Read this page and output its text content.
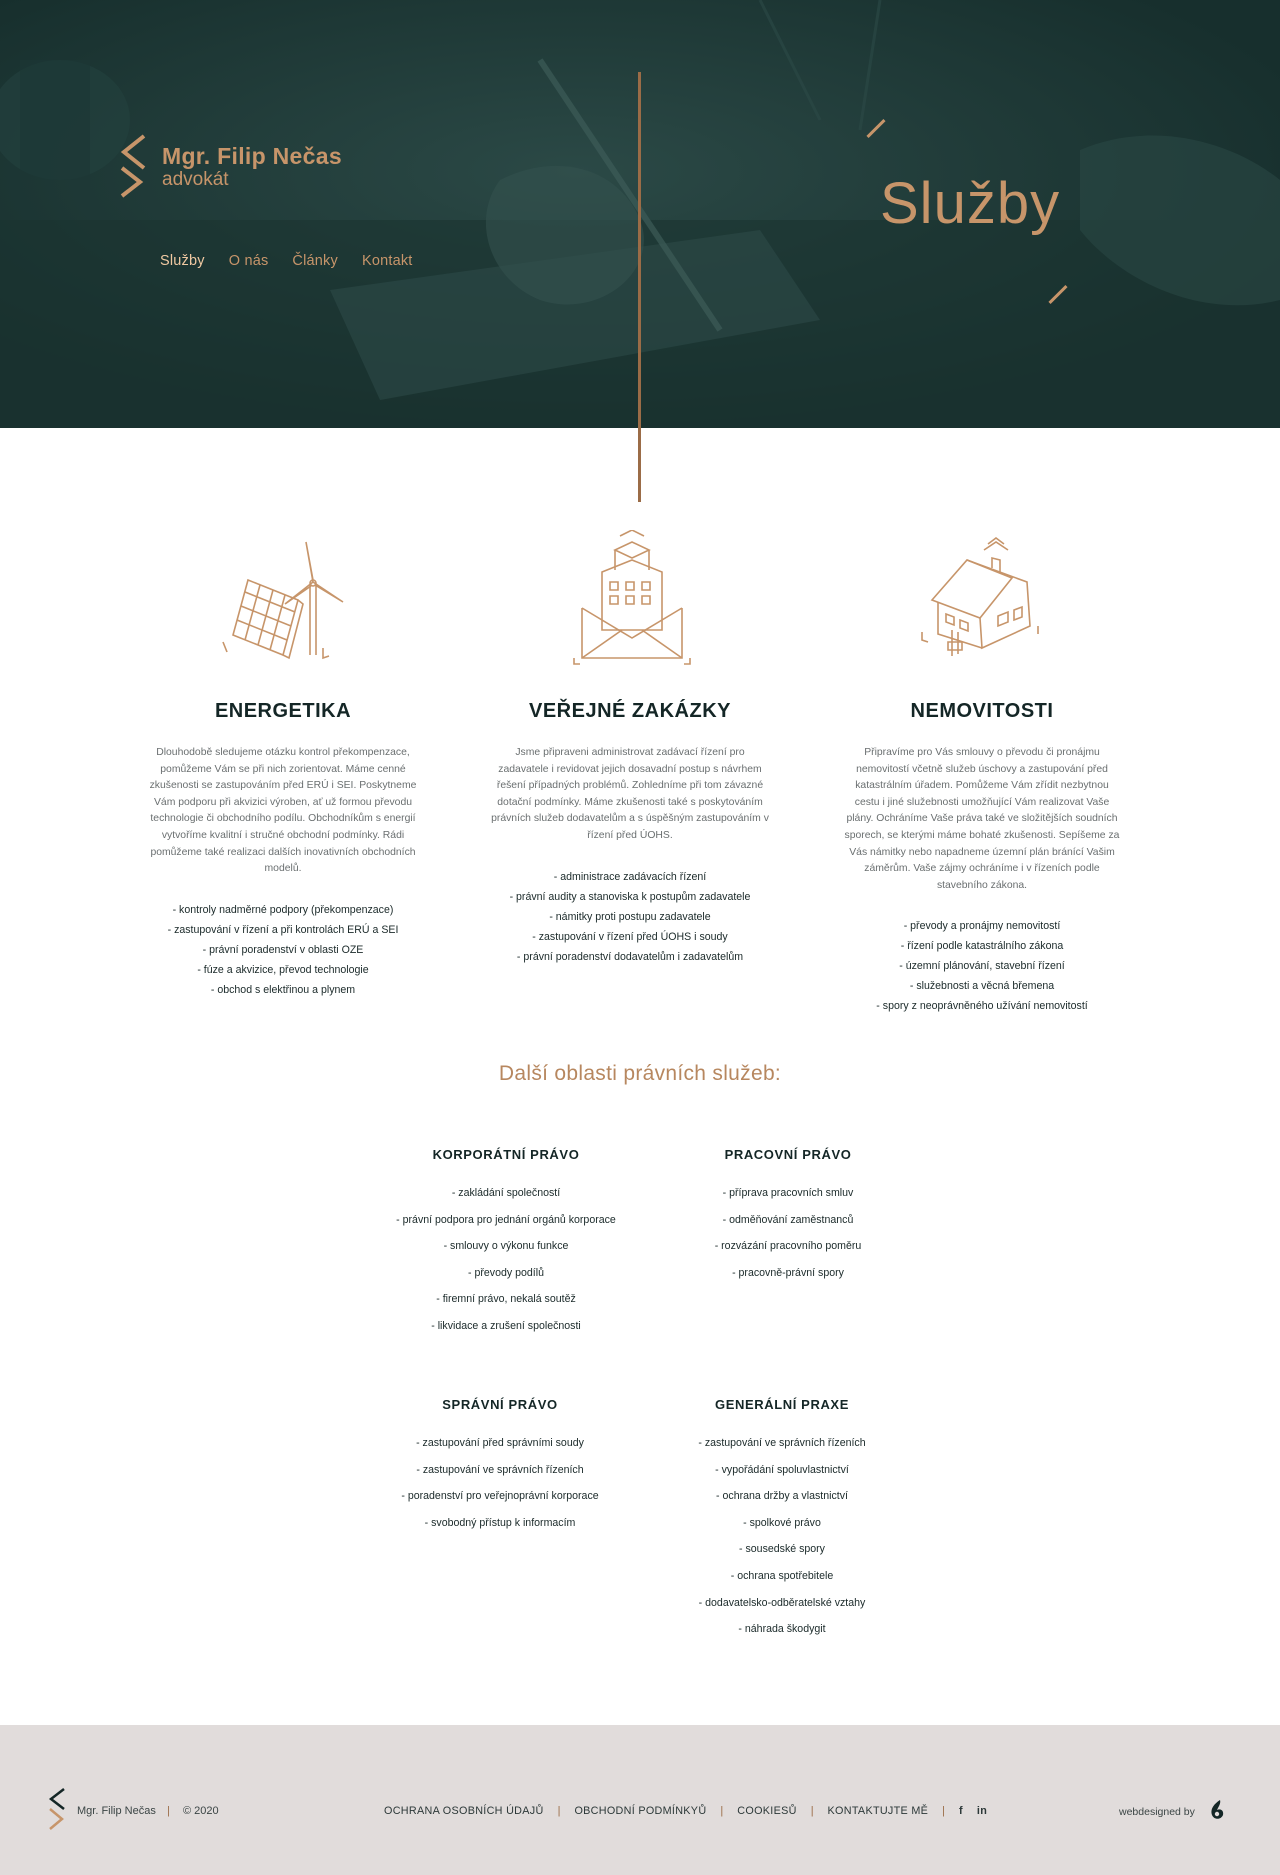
Mgr. Filip Nečas
advokát
Služby O nás Články Kontakt
Služby
ENERGETIKA

Dlouhodobě sledujeme otázku kontrol překompenzace, pomůžeme Vám se při nich zorientovat. Máme cenné zkušenosti se zastupováním před ERÚ i SEI. Poskytneme Vám podporu při akvizici výroben, ať už formou převodu technologie či obchodního podílu. Obchodníkům s energií vytvoříme kvalitní i stručné obchodní podmínky. Rádi pomůžeme také realizaci dalších inovativních obchodních modelů.

- kontroly nadměrné podpory (překompenzace)
- zastupování v řízení a při kontrolách ERÚ a SEI
- právní poradenství v oblasti OZE
- fúze a akvizice, převod technologie
- obchod s elektřinou a plynem
VEŘEJNÉ ZAKÁZKY

Jsme připraveni administrovat zadávací řízení pro zadavatele i revidovat jejich dosavadní postup s návrhem řešení případných problémů. Zohledníme při tom závazné dotační podmínky. Máme zkušenosti také s poskytováním právních služeb dodavatelům a s úspěšným zastupováním v řízení před ÚOHS.

- administrace zadávacích řízení
- právní audity a stanoviska k postupům zadavatele
- námitky proti postupu zadavatele
- zastupování v řízení před ÚOHS i soudy
- právní poradenství dodavatelům i zadavatelům
NEMOVITOSTI

Připravíme pro Vás smlouvy o převodu či pronájmu nemovitostí včetně služeb úschovy a zastupování před katastrálním úřadem. Pomůžeme Vám zřídit nezbytnou cestu i jiné služebnosti umožňující Vám realizovat Vaše plány. Ochráníme Vaše práva také ve složitějších soudních sporech, se kterými máme bohaté zkušenosti. Sepíšeme za Vás námitky nebo napadneme územní plán bránící Vašim záměrům. Vaše zájmy ochráníme i v řízeních podle stavebního zákona.

- převody a pronájmy nemovitostí
- řízení podle katastrálního zákona
- územní plánování, stavební řízení
- služebnosti a věcná břemena
- spory z neoprávněného užívání nemovitostí
Další oblasti právních služeb:
KORPORÁTNÍ PRÁVO
- zakládání společností
- právní podpora pro jednání orgánů korporace
- smlouvy o výkonu funkce
- převody podílů
- firemní právo, nekalá soutěž
- likvidace a zrušení společnosti
PRACOVNÍ PRÁVO
- příprava pracovních smluv
- odměňování zaměstnanců
- rozvázání pracovního poměru
- pracovně-právní spory
SPRÁVNÍ PRÁVO
- zastupování před správními soudy
- zastupování ve správních řízeních
- poradenství pro veřejnoprávní korporace
- svobodný přístup k informacím
GENERÁLNÍ PRAXE
- zastupování ve správních řízeních
- vypořádání spoluvlastnictví
- ochrana držby a vlastnictví
- spolkové právo
- sousedské spory
- ochrana spotřebitele
- dodavatelsko-odběratelské vztahy
- náhrada škodygit
Mgr. Filip Nečas | © 2020	OCHRANA OSOBNÍCH ÚDAJŮ | OBCHODNÍ PODMÍNKYŮ | COOKIESŮ | KONTAKTUJTE MĚ | f in	webdesigned by
